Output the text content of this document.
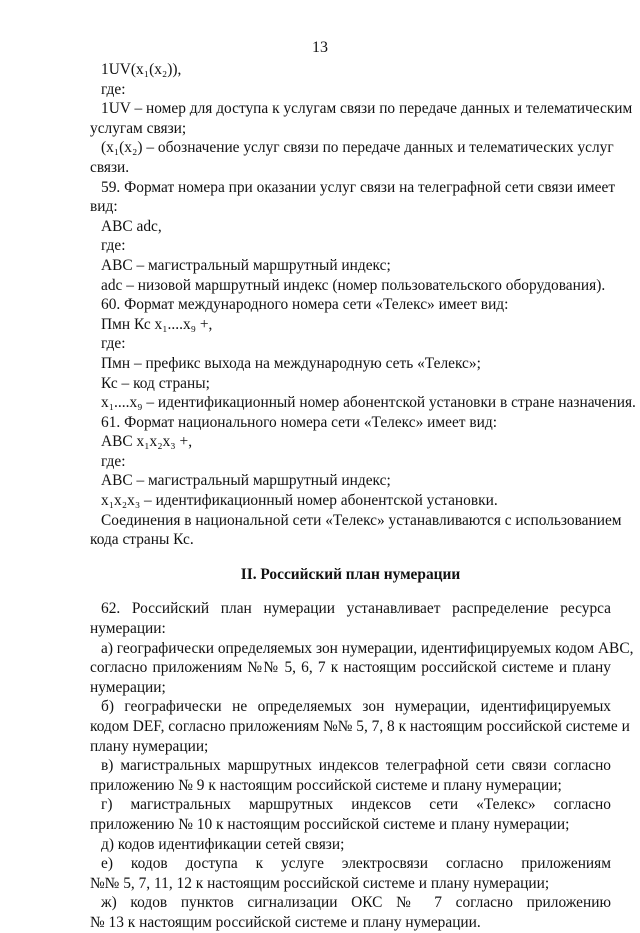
13
1UV(x₁(x₂)),
где:
1UV – номер для доступа к услугам связи по передаче данных и телематическим
услугам связи;
(x₁(x₂) – обозначение услуг связи по передаче данных и телематических услуг
связи.
59. Формат номера при оказании услуг связи на телеграфной сети связи имеет
вид:
ABC adc,
где:
ABC – магистральный маршрутный индекс;
adc – низовой маршрутный индекс (номер пользовательского оборудования).
60. Формат международного номера сети «Телекс» имеет вид:
Пмн Кс x₁....x₉ +,
где:
Пмн – префикс выхода на международную сеть «Телекс»;
Кс – код страны;
x₁....x₉ – идентификационный номер абонентской установки в стране назначения.
61. Формат национального номера сети «Телекс» имеет вид:
ABC x₁x₂x₃ +,
где:
ABC – магистральный маршрутный индекс;
x₁x₂x₃ – идентификационный номер абонентской установки.
Соединения в национальной сети «Телекс» устанавливаются с использованием
кода страны Кс.
II. Российский план нумерации
62. Российский план нумерации устанавливает распределение ресурса
нумерации:
а) географически определяемых зон нумерации, идентифицируемых кодом ABC,
согласно приложениям №№ 5, 6, 7 к настоящим российской системе и плану
нумерации;
б) географически не определяемых зон нумерации, идентифицируемых
кодом DEF, согласно приложениям №№ 5, 7, 8 к настоящим российской системе и
плану нумерации;
в) магистральных маршрутных индексов телеграфной сети связи согласно
приложению № 9 к настоящим российской системе и плану нумерации;
г) магистральных маршрутных индексов сети «Телекс» согласно
приложению № 10 к настоящим российской системе и плану нумерации;
д) кодов идентификации сетей связи;
е) кодов доступа к услуге электросвязи согласно приложениям
№№ 5, 7, 11, 12 к настоящим российской системе и плану нумерации;
ж) кодов пунктов сигнализации ОКС № 7 согласно приложению
№ 13 к настоящим российской системе и плану нумерации.
